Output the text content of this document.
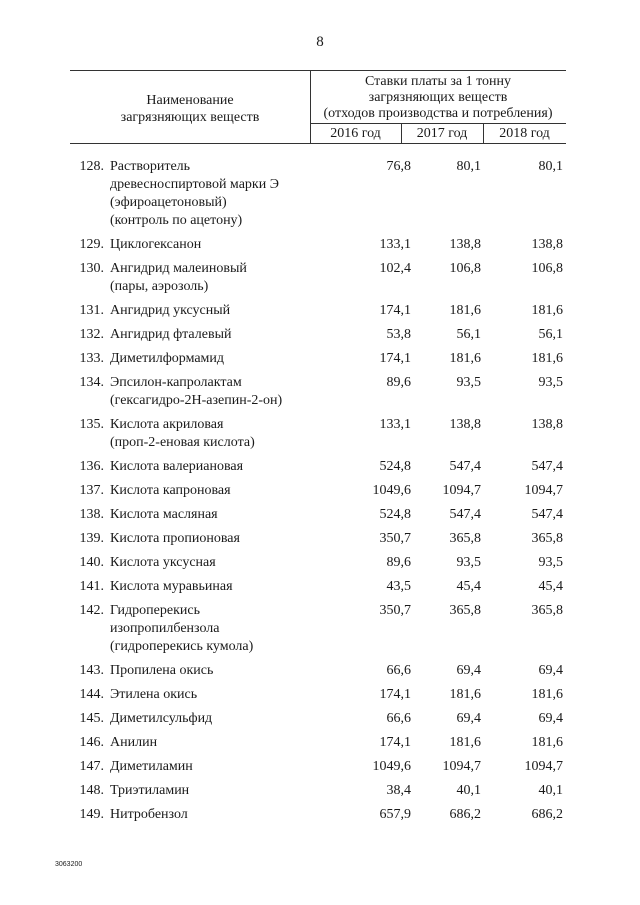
8
Наименование
загрязняющих веществ
Ставки платы за 1 тонну
загрязняющих веществ
(отходов производства и потребления)
2016 год	2017 год	2018 год
128. Растворитель
древесноспиртовой марки Э
(эфироацетоновый)
(контроль по ацетону)
76,8	80,1	80,1
129. Циклогексанон	133,1	138,8	138,8
130. Ангидрид малеиновый
(пары, аэрозоль)
102,4	106,8	106,8
131. Ангидрид уксусный	174,1	181,6	181,6
132. Ангидрид фталевый	53,8	56,1	56,1
133. Диметилформамид	174,1	181,6	181,6
134. Эпсилон-капролактам
(гексагидро-2Н-азепин-2-он)
89,6	93,5	93,5
135. Кислота акриловая
(проп-2-еновая кислота)
133,1	138,8	138,8
136. Кислота валериановая	524,8	547,4	547,4
137. Кислота капроновая	1049,6	1094,7	1094,7
138. Кислота масляная	524,8	547,4	547,4
139. Кислота пропионовая	350,7	365,8	365,8
140. Кислота уксусная	89,6	93,5	93,5
141. Кислота муравьиная	43,5	45,4	45,4
142. Гидроперекись
изопропилбензола
(гидроперекись кумола)
350,7	365,8	365,8
143. Пропилена окись	66,6	69,4	69,4
144. Этилена окись	174,1	181,6	181,6
145. Диметилсульфид	66,6	69,4	69,4
146. Анилин	174,1	181,6	181,6
147. Диметиламин	1049,6	1094,7	1094,7
148. Триэтиламин	38,4	40,1	40,1
149. Нитробензол	657,9	686,2	686,2
3063200
